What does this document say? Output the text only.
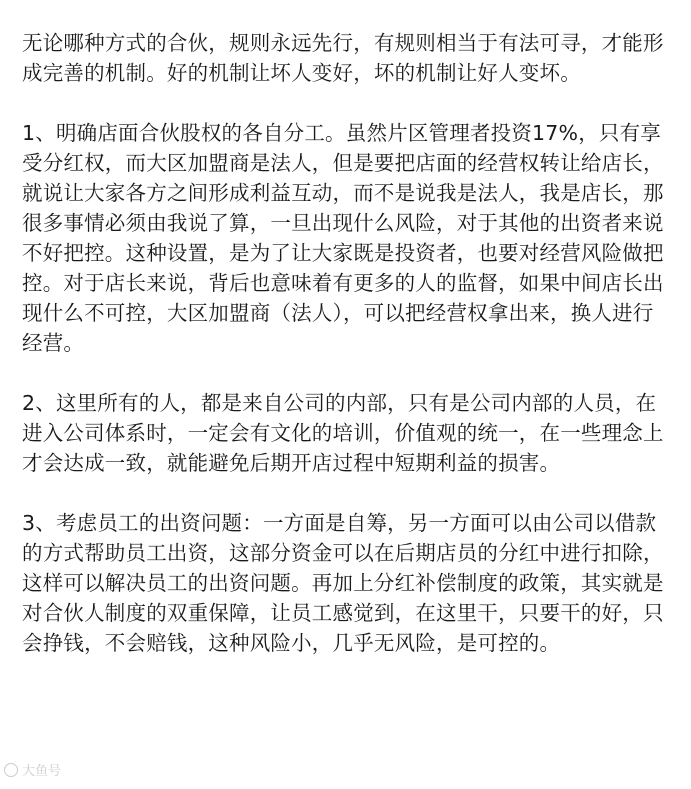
无论哪种方式的合伙，规则永远先行，有规则相当于有法可寻，才能形成完善的机制。好的机制让坏人变好，坏的机制让好人变坏。

1、明确店面合伙股权的各自分工。虽然片区管理者投资17%，只有享受分红权，而大区加盟商是法人，但是要把店面的经营权转让给店长，就说让大家各方之间形成利益互动，而不是说我是法人，我是店长，那很多事情必须由我说了算，一旦出现什么风险，对于其他的出资者来说不好把控。这种设置，是为了让大家既是投资者，也要对经营风险做把控。对于店长来说，背后也意味着有更多的人的监督，如果中间店长出现什么不可控，大区加盟商（法人），可以把经营权拿出来，换人进行经营。

2、这里所有的人，都是来自公司的内部，只有是公司内部的人员，在进入公司体系时，一定会有文化的培训，价值观的统一，在一些理念上才会达成一致，就能避免后期开店过程中短期利益的损害。

3、考虑员工的出资问题：一方面是自筹，另一方面可以由公司以借款的方式帮助员工出资，这部分资金可以在后期店员的分红中进行扣除，这样可以解决员工的出资问题。再加上分红补偿制度的政策，其实就是对合伙人制度的双重保障，让员工感觉到，在这里干，只要干的好，只会挣钱，不会赔钱，这种风险小，几乎无风险，是可控的。

大鱼号
